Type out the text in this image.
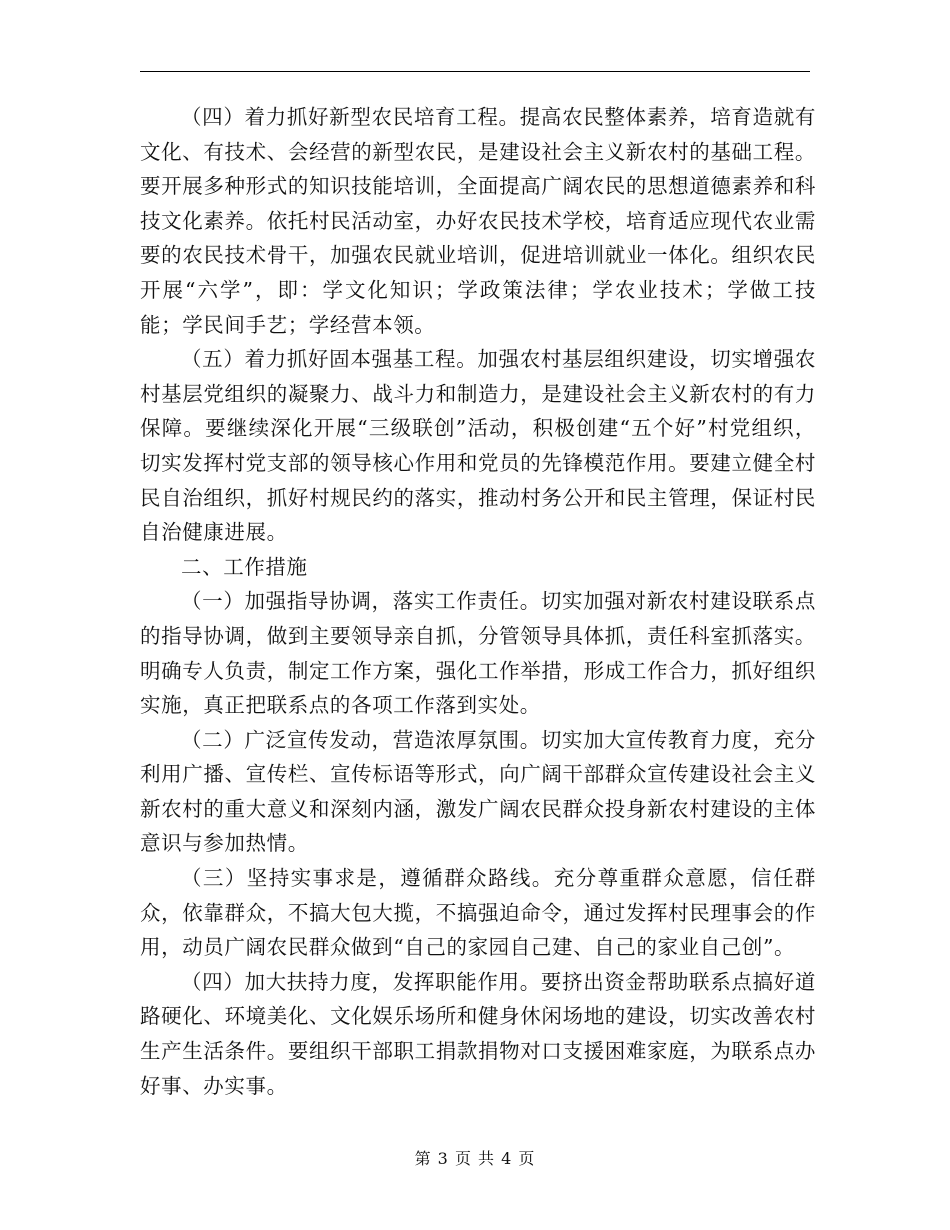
（四）着力抓好新型农民培育工程。提高农民整体素养，培育造就有文化、有技术、会经营的新型农民，是建设社会主义新农村的基础工程。要开展多种形式的知识技能培训，全面提高广阔农民的思想道德素养和科技文化素养。依托村民活动室，办好农民技术学校，培育适应现代农业需要的农民技术骨干，加强农民就业培训，促进培训就业一体化。组织农民开展“六学”，即：学文化知识；学政策法律；学农业技术；学做工技能；学民间手艺；学经营本领。

（五）着力抓好固本强基工程。加强农村基层组织建设，切实增强农村基层党组织的凝聚力、战斗力和制造力，是建设社会主义新农村的有力保障。要继续深化开展“三级联创”活动，积极创建“五个好”村党组织，切实发挥村党支部的领导核心作用和党员的先锋模范作用。要建立健全村民自治组织，抓好村规民约的落实，推动村务公开和民主管理，保证村民自治健康进展。

二、工作措施

（一）加强指导协调，落实工作责任。切实加强对新农村建设联系点的指导协调，做到主要领导亲自抓，分管领导具体抓，责任科室抓落实。明确专人负责，制定工作方案，强化工作举措，形成工作合力，抓好组织实施，真正把联系点的各项工作落到实处。

（二）广泛宣传发动，营造浓厚氛围。切实加大宣传教育力度，充分利用广播、宣传栏、宣传标语等形式，向广阔干部群众宣传建设社会主义新农村的重大意义和深刻内涵，激发广阔农民群众投身新农村建设的主体意识与参加热情。

（三）坚持实事求是，遵循群众路线。充分尊重群众意愿，信任群众，依靠群众，不搞大包大揽，不搞强迫命令，通过发挥村民理事会的作用，动员广阔农民群众做到“自己的家园自己建、自己的家业自己创”。

（四）加大扶持力度，发挥职能作用。要挤出资金帮助联系点搞好道路硬化、环境美化、文化娱乐场所和健身休闲场地的建设，切实改善农村生产生活条件。要组织干部职工捐款捐物对口支援困难家庭，为联系点办好事、办实事。

第 3 页 共 4 页
